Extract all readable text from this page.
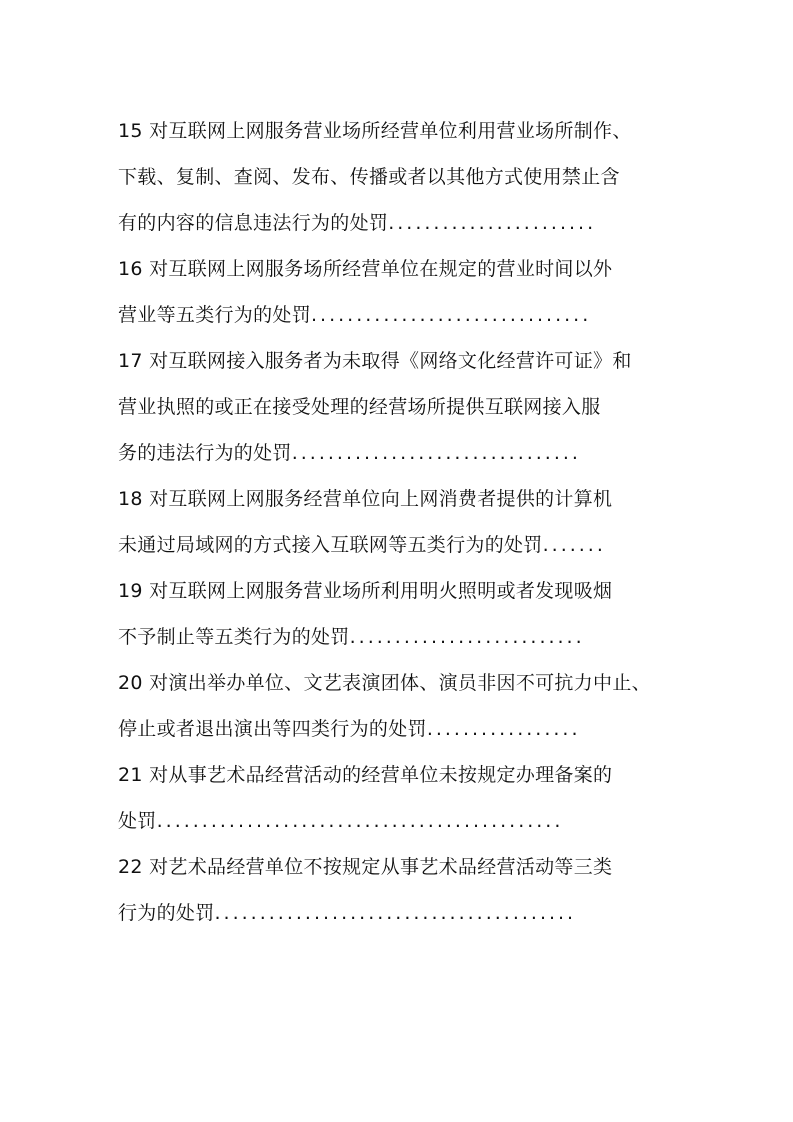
15 对互联网上网服务营业场所经营单位利用营业场所制作、
下载、复制、查阅、发布、传播或者以其他方式使用禁止含
有的内容的信息违法行为的处罚.......................
16 对互联网上网服务场所经营单位在规定的营业时间以外
营业等五类行为的处罚...............................
17 对互联网接入服务者为未取得《网络文化经营许可证》和
营业执照的或正在接受处理的经营场所提供互联网接入服
务的违法行为的处罚................................
18 对互联网上网服务经营单位向上网消费者提供的计算机
未通过局域网的方式接入互联网等五类行为的处罚.......
19 对互联网上网服务营业场所利用明火照明或者发现吸烟
不予制止等五类行为的处罚..........................
20 对演出举办单位、文艺表演团体、演员非因不可抗力中止、
停止或者退出演出等四类行为的处罚.................
21 对从事艺术品经营活动的经营单位未按规定办理备案的
处罚.............................................
22 对艺术品经营单位不按规定从事艺术品经营活动等三类
行为的处罚........................................
